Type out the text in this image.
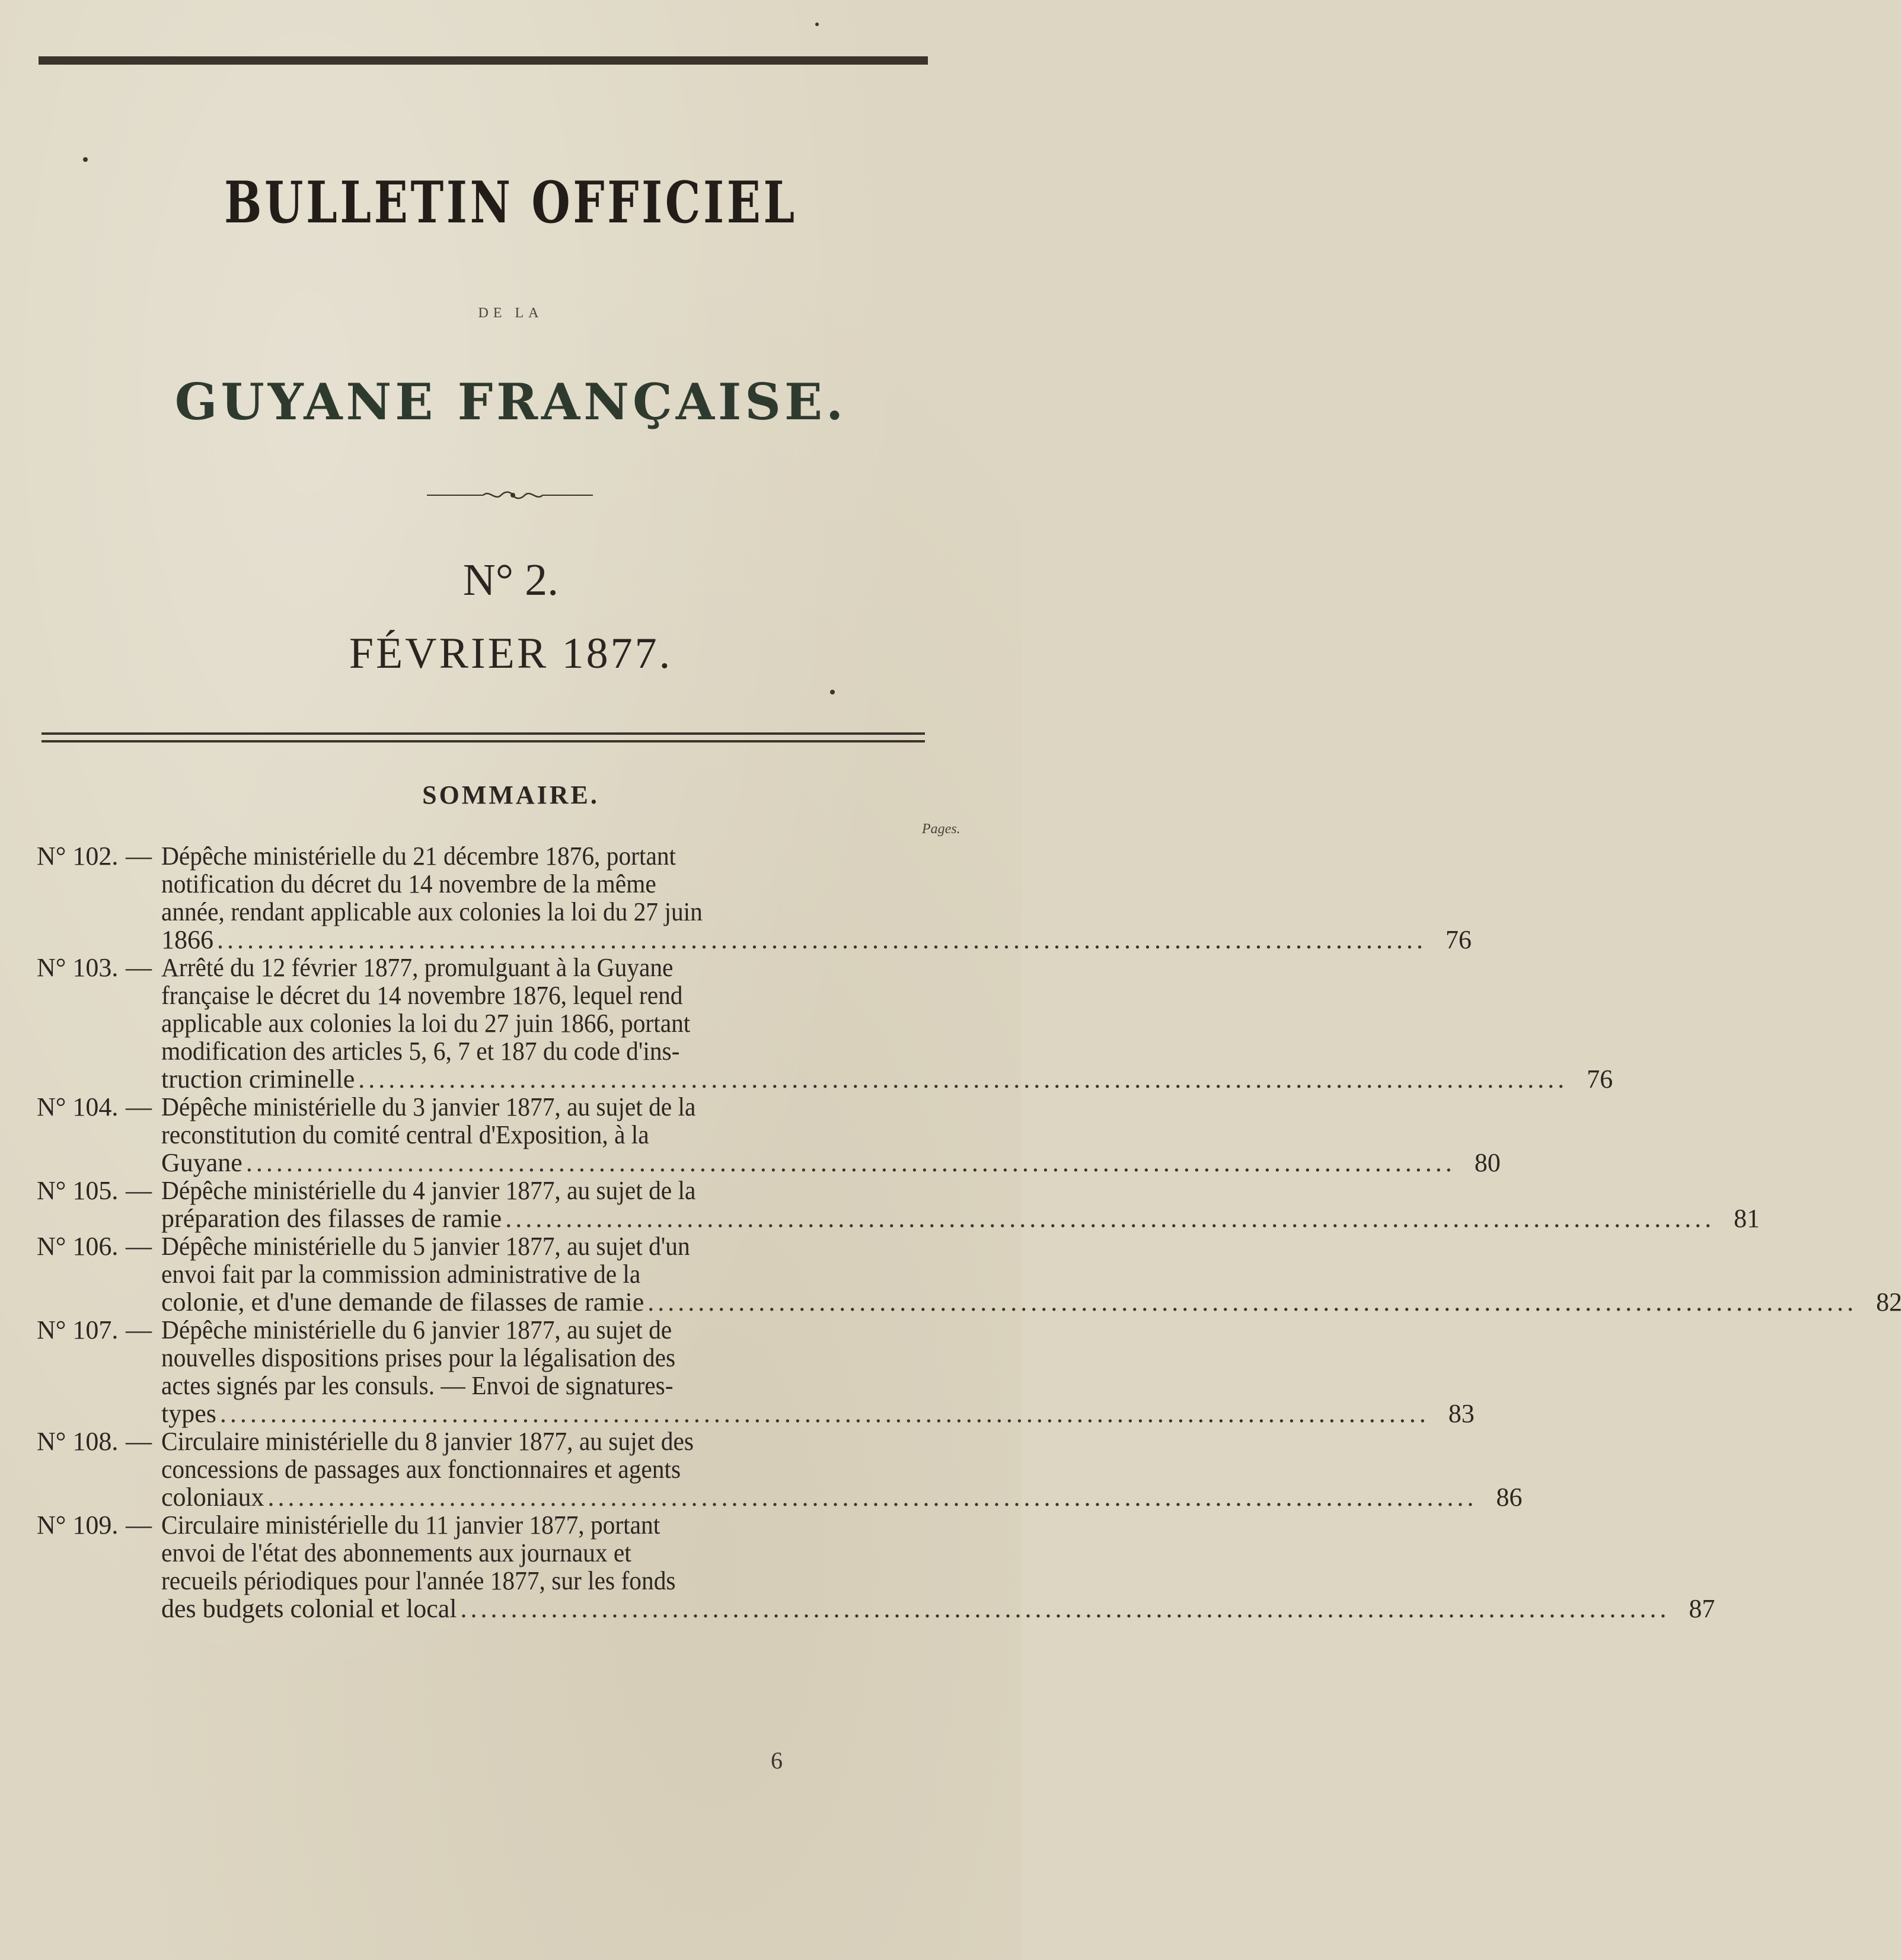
BULLETIN OFFICIEL
DE LA
GUYANE FRANÇAISE.
N° 2.
FÉVRIER 1877.
SOMMAIRE.
Pages.
N° 102. — Dépêche ministérielle du 21 décembre 1876, portant
notification du décret du 14 novembre de la même
année, rendant applicable aux colonies la loi du 27 juin
1866 ........................................................................................................................ 76
N° 103. — Arrêté du 12 février 1877, promulguant à la Guyane
française le décret du 14 novembre 1876, lequel rend
applicable aux colonies la loi du 27 juin 1866, portant
modification des articles 5, 6, 7 et 187 du code d'ins-
truction criminelle ........................................................................................................................ 76
N° 104. — Dépêche ministérielle du 3 janvier 1877, au sujet de la
reconstitution du comité central d'Exposition, à la
Guyane ........................................................................................................................ 80
N° 105. — Dépêche ministérielle du 4 janvier 1877, au sujet de la
préparation des filasses de ramie ........................................................................................................................ 81
N° 106. — Dépêche ministérielle du 5 janvier 1877, au sujet d'un
envoi fait par la commission administrative de la
colonie, et d'une demande de filasses de ramie ........................................................................................................................ 82
N° 107. — Dépêche ministérielle du 6 janvier 1877, au sujet de
nouvelles dispositions prises pour la légalisation des
actes signés par les consuls. — Envoi de signatures-
types ........................................................................................................................ 83
N° 108. — Circulaire ministérielle du 8 janvier 1877, au sujet des
concessions de passages aux fonctionnaires et agents
coloniaux ........................................................................................................................ 86
N° 109. — Circulaire ministérielle du 11 janvier 1877, portant
envoi de l'état des abonnements aux journaux et
recueils périodiques pour l'année 1877, sur les fonds
des budgets colonial et local ........................................................................................................................ 87
6
